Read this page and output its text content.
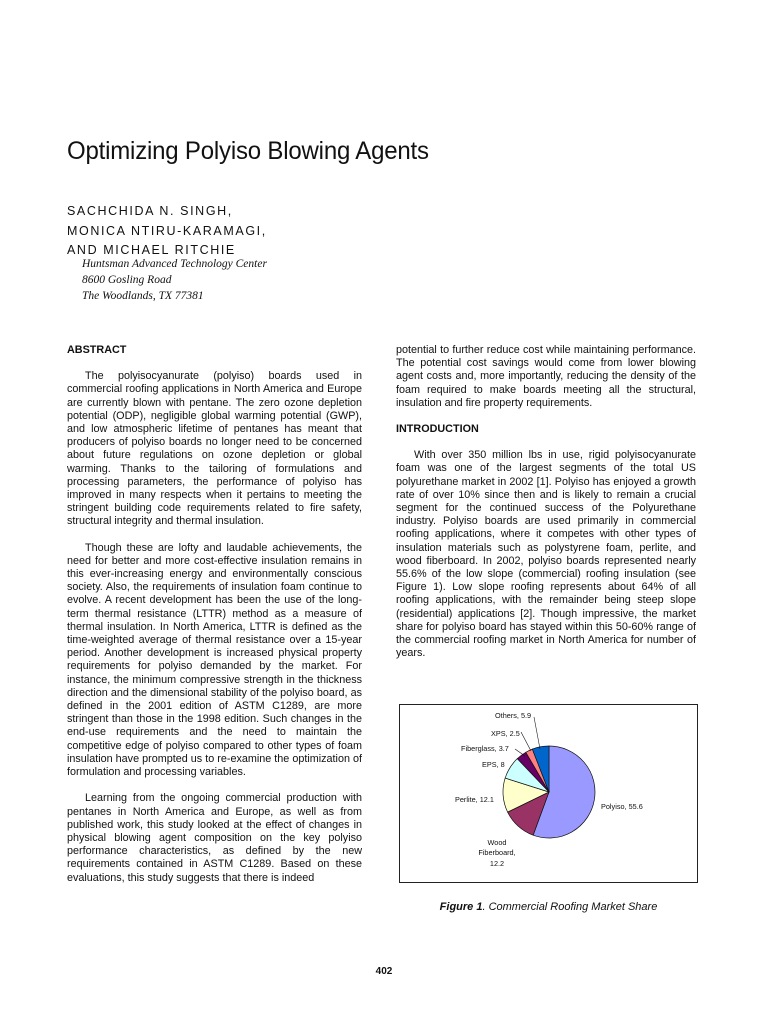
Optimizing Polyiso Blowing Agents
SACHCHIDA N. SINGH,
MONICA NTIRU-KARAMAGI,
AND MICHAEL RITCHIE
Huntsman Advanced Technology Center
8600 Gosling Road
The Woodlands, TX 77381
ABSTRACT

The polyisocyanurate (polyiso) boards used in commercial roofing applications in North America and Europe are currently blown with pentane. The zero ozone depletion potential (ODP), negligible global warming potential (GWP), and low atmospheric lifetime of pentanes has meant that producers of polyiso boards no longer need to be concerned about future regulations on ozone depletion or global warming. Thanks to the tailoring of formulations and processing parameters, the performance of polyiso has improved in many respects when it pertains to meeting the stringent building code requirements related to fire safety, structural integrity and thermal insulation.

Though these are lofty and laudable achievements, the need for better and more cost-effective insulation remains in this ever-increasing energy and environmentally conscious society. Also, the requirements of insulation foam continue to evolve. A recent development has been the use of the long-term thermal resistance (LTTR) method as a measure of thermal insulation. In North America, LTTR is defined as the time-weighted average of thermal resistance over a 15-year period. Another development is increased physical property requirements for polyiso demanded by the market. For instance, the minimum compressive strength in the thickness direction and the dimensional stability of the polyiso board, as defined in the 2001 edition of ASTM C1289, are more stringent than those in the 1998 edition. Such changes in the end-use requirements and the need to maintain the competitive edge of polyiso compared to other types of foam insulation have prompted us to re-examine the optimization of formulation and processing variables.

Learning from the ongoing commercial production with pentanes in North America and Europe, as well as from published work, this study looked at the effect of changes in physical blowing agent composition on the key polyiso performance characteristics, as defined by the new requirements contained in ASTM C1289. Based on these evaluations, this study suggests that there is indeed

potential to further reduce cost while maintaining performance. The potential cost savings would come from lower blowing agent costs and, more importantly, reducing the density of the foam required to make boards meeting all the structural, insulation and fire property requirements.

INTRODUCTION

With over 350 million lbs in use, rigid polyisocyanurate foam was one of the largest segments of the total US polyurethane market in 2002 [1]. Polyiso has enjoyed a growth rate of over 10% since then and is likely to remain a crucial segment for the continued success of the Polyurethane industry. Polyiso boards are used primarily in commercial roofing applications, where it competes with other types of insulation materials such as polystyrene foam, perlite, and wood fiberboard. In 2002, polyiso boards represented nearly 55.6% of the low slope (commercial) roofing insulation (see Figure 1). Low slope roofing represents about 64% of all roofing applications, with the remainder being steep slope (residential) applications [2]. Though impressive, the market share for polyiso board has stayed within this 50-60% range of the commercial roofing market in North America for number of years.

Others, 5.9
XPS, 2.5
Fiberglass, 3.7
EPS, 8
Perlite, 12.1
Polyiso, 55.6
Wood
Fiberboard,
12.2
Figure 1. Commercial Roofing Market Share
402
